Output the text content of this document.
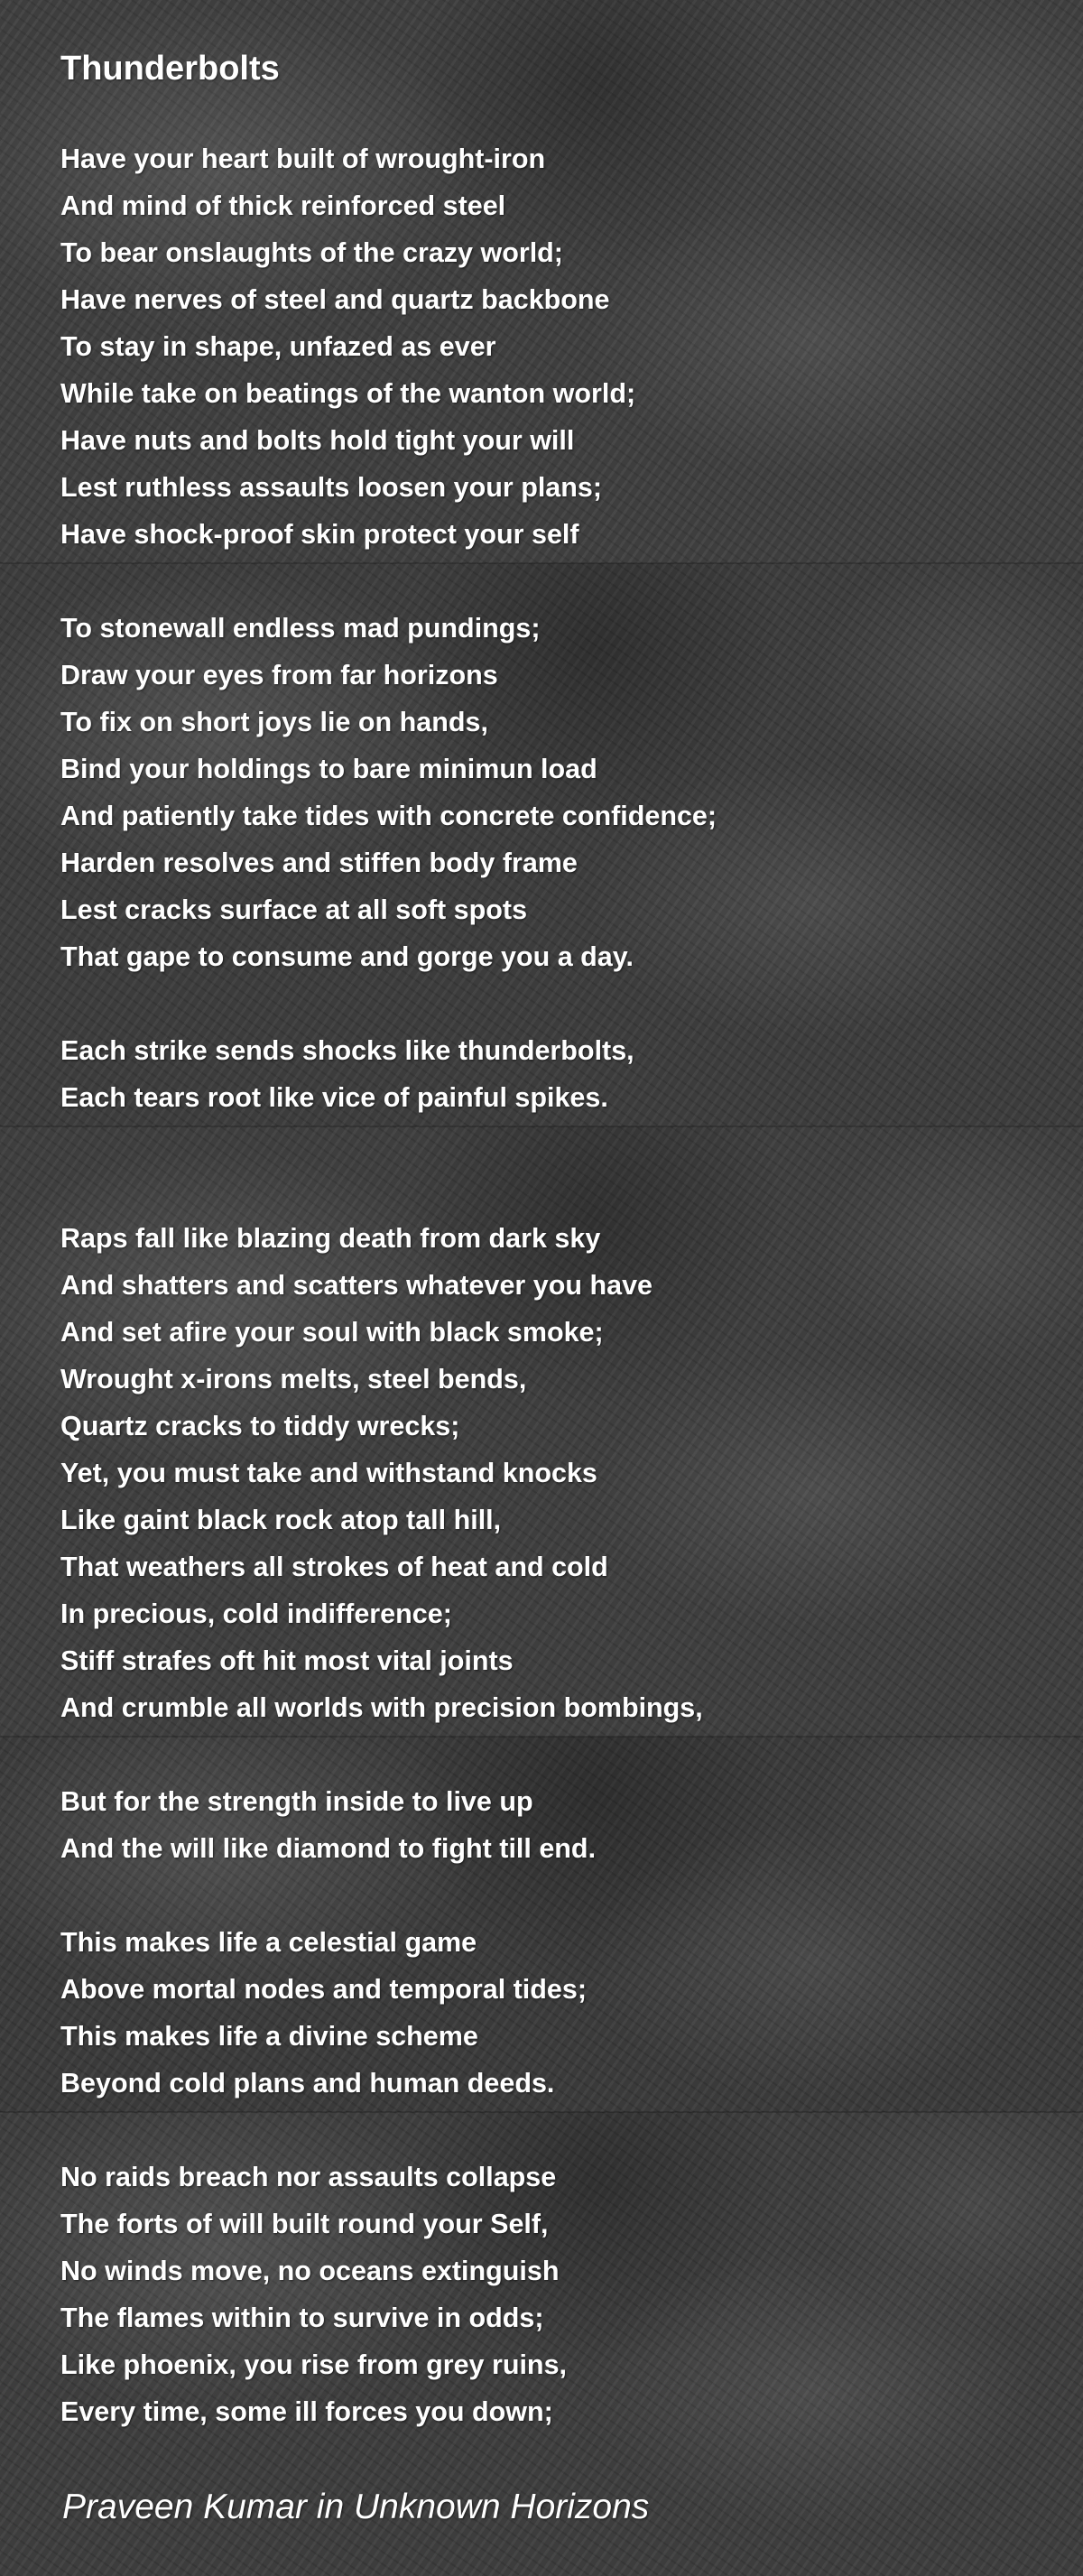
Thunderbolts
Have your heart built of wrought-iron
And mind of thick reinforced steel
To bear onslaughts of the crazy world;
Have nerves of steel and quartz backbone
To stay in shape, unfazed as ever
While take on beatings of the wanton world;
Have nuts and bolts hold tight your will
Lest ruthless assaults loosen your plans;
Have shock-proof skin protect your self
To stonewall endless mad pundings;
Draw your eyes from far horizons
To fix on short joys lie on hands,
Bind your holdings to bare minimun load
And patiently take tides with concrete confidence;
Harden resolves and stiffen body frame
Lest cracks surface at all soft spots
That gape to consume and gorge you a day.
Each strike sends shocks like thunderbolts,
Each tears root like vice of painful spikes.
Raps fall like blazing death from dark sky
And shatters and scatters whatever you have
And set afire your soul with black smoke;
Wrought x-irons melts, steel bends,
Quartz cracks to tiddy wrecks;
Yet, you must take and withstand knocks
Like gaint black rock atop tall hill,
That weathers all strokes of heat and cold
In precious, cold indifference;
Stiff strafes oft hit most vital joints
And crumble all worlds with precision bombings,
But for the strength inside to live up
And the will like diamond to fight till end.
This makes life a celestial game
Above mortal nodes and temporal tides;
This makes life a divine scheme
Beyond cold plans and human deeds.
No raids breach nor assaults collapse
The forts of will built round your Self,
No winds move, no oceans extinguish
The flames within to survive in odds;
Like phoenix, you rise from grey ruins,
Every time, some ill forces you down;

Praveen Kumar in Unknown Horizons
